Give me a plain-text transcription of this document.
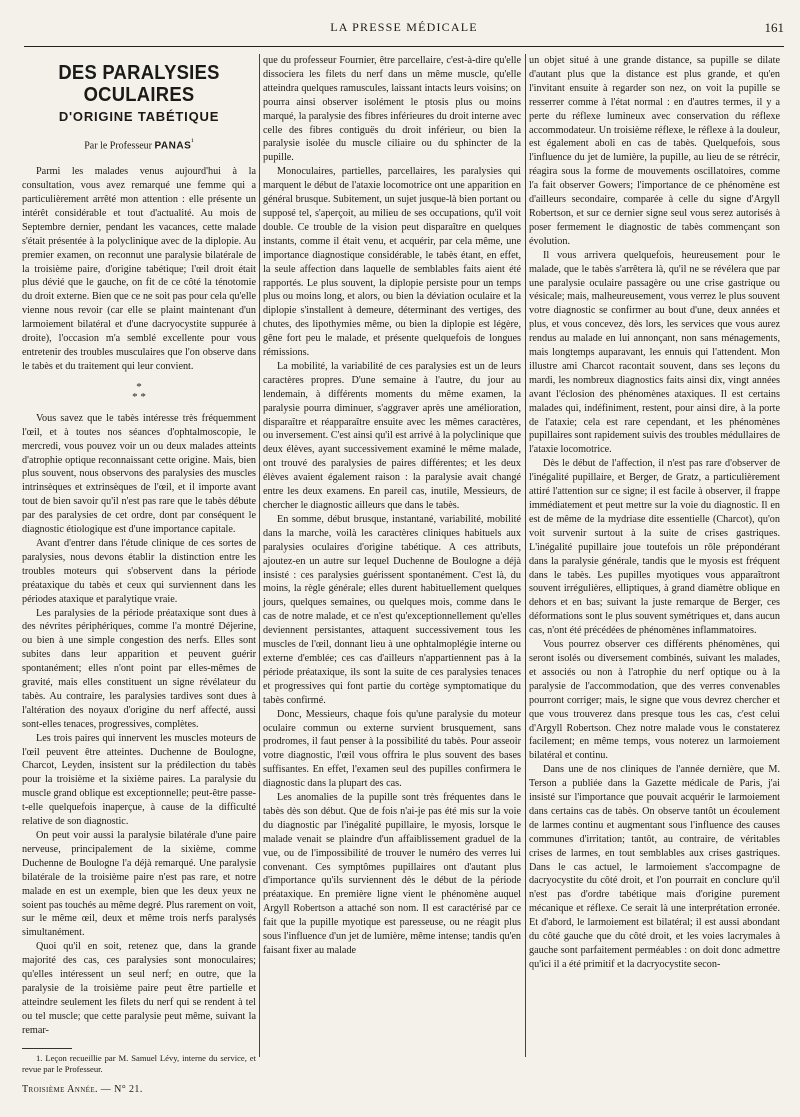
LA PRESSE MÉDICALE	161
DES PARALYSIES OCULAIRES
D'ORIGINE TABÉTIQUE
Par le Professeur $PANAS^{^1}$

Parmi les malades venus aujourd'hui à la consultation, vous avez remarqué une femme qui a particulièrement arrêté mon attention : elle présente un intérêt considérable et tout d'actualité. Au mois de Septembre dernier, pendant les vacances, cette malade s'était présentée à la polyclinique avec de la diplopie. Au premier examen, on reconnut une paralysie bilatérale de la troisième paire, d'origine tabétique; l'œil droit était plus dévié que le gauche, on fit de ce côté la ténotomie du droit externe. Bien que ce ne soit pas pour cela qu'elle vienne nous revoir (car elle se plaint maintenant d'un larmoiement bilatéral et d'une dacryocystite suppurée à droite), l'occasion m'a semblé excellente pour vous entretenir des troubles musculaires que l'on observe dans le tabès et du traitement qui leur convient.

*
* *

Vous savez que le tabès intéresse très fréquemment l'œil, et à toutes nos séances d'ophtalmoscopie, le mercredi, vous pouvez voir un ou deux malades atteints d'atrophie optique reconnaissant cette origine. Mais, bien plus souvent, nous observons des paralysies des muscles intrinsèques et extrinsèques de l'œil, et il importe avant tout de bien savoir qu'il n'est pas rare que le tabès débute par des paralysies de cet ordre, dont par conséquent le diagnostic étiologique est d'une importance capitale.

Avant d'entrer dans l'étude clinique de ces sortes de paralysies, nous devons établir la distinction entre les troubles moteurs qui s'observent dans la période préataxique du tabès et ceux qui surviennent dans les périodes ataxique et paralytique vraie.

Les paralysies de la période préataxique sont dues à des névrites périphériques, comme l'a montré Déjerine, ou bien à une simple congestion des nerfs. Elles sont subites dans leur apparition et peuvent guérir spontanément; elles n'ont point par elles-mêmes de gravité, mais elles constituent un signe révélateur du tabès. Au contraire, les paralysies tardives sont dues à l'altération des noyaux d'origine du nerf affecté, aussi sont-elles tenaces, progressives, complètes.

Les trois paires qui innervent les muscles moteurs de l'œil peuvent être atteintes. Duchenne de Boulogne, Charcot, Leyden, insistent sur la prédilection du tabès pour la troisième et la sixième paires. La paralysie du muscle grand oblique est exceptionnelle; peut-être passe-t-elle quelquefois inaperçue, à cause de la difficulté relative de son diagnostic.

On peut voir aussi la paralysie bilatérale d'une paire nerveuse, principalement de la sixième, comme Duchenne de Boulogne l'a déjà remarqué. Une paralysie bilatérale de la troisième paire n'est pas rare, et notre malade en est un exemple, bien que les deux yeux ne soient pas touchés au même degré. Plus rarement on voit, sur le même œil, deux et même trois nerfs paralysés simultanément.

Quoi qu'il en soit, retenez que, dans la grande majorité des cas, ces paralysies sont monoculaires; qu'elles intéressent un seul nerf; en outre, que la paralysie de la troisième paire peut être partielle et atteindre seulement les filets du nerf qui se rendent à tel ou tel muscle; que cette paralysie peut même, suivant la remar-

1. Leçon recueillie par M. Samuel Lévy, interne du service, et revue par le Professeur.

Troisième Année. — N° 21.

que du professeur Fournier, être parcellaire, c'est-à-dire qu'elle dissociera les filets du nerf dans un même muscle, qu'elle atteindra quelques ramuscules, laissant intacts leurs voisins; on pourra ainsi observer isolément le ptosis plus ou moins marqué, la paralysie des fibres inférieures du droit interne avec celle des fibres contiguës du droit inférieur, ou bien la paralysie isolée du muscle ciliaire ou du sphincter de la pupille.

Monoculaires, partielles, parcellaires, les paralysies qui marquent le début de l'ataxie locomotrice ont une apparition en général brusque. Subitement, un sujet jusque-là bien portant ou supposé tel, s'aperçoit, au milieu de ses occupations, qu'il voit double. Ce trouble de la vision peut disparaître en quelques instants, comme il était venu, et acquérir, par cela même, une importance diagnostique considérable, le tabès étant, en effet, la seule affection dans laquelle de semblables faits aient été rapportés. Le plus souvent, la diplopie persiste pour un temps plus ou moins long, et alors, ou bien la déviation oculaire et la diplopie s'installent à demeure, déterminant des vertiges, des chutes, des lipothymies même, ou bien la diplopie est légère, gêne fort peu le malade, et présente quelquefois de longues rémissions.

La mobilité, la variabilité de ces paralysies est un de leurs caractères propres. D'une semaine à l'autre, du jour au lendemain, à différents moments du même examen, la paralysie pourra diminuer, s'aggraver après une amélioration, disparaître et réapparaître ensuite avec les mêmes caractères, ou inversement. C'est ainsi qu'il est arrivé à la polyclinique que deux élèves, ayant successivement examiné le même malade, ont trouvé des paralysies de paires différentes; et les deux élèves avaient également raison : la paralysie avait changé entre les deux examens. En pareil cas, inutile, Messieurs, de chercher le diagnostic ailleurs que dans le tabès.

En somme, début brusque, instantané, variabilité, mobilité dans la marche, voilà les caractères cliniques habituels aux paralysies oculaires d'origine tabétique. A ces attributs, ajoutez-en un autre sur lequel Duchenne de Boulogne a déjà insisté : ces paralysies guérissent spontanément. C'est là, du moins, la règle générale; elles durent habituellement quelques jours, quelques semaines, ou quelques mois, comme dans le cas de notre malade, et ce n'est qu'exceptionnellement qu'elles deviennent persistantes, attaquent successivement tous les muscles de l'œil, donnant lieu à une ophtalmoplégie interne ou externe d'emblée; ces cas d'ailleurs n'appartiennent pas à la période préataxique, ils sont la suite de ces paralysies tenaces et progressives qui font partie du cortège symptomatique du tabès confirmé.

Donc, Messieurs, chaque fois qu'une paralysie du moteur oculaire commun ou externe survient brusquement, sans prodromes, il faut penser à la possibilité du tabès. Pour asseoir votre diagnostic, l'œil vous offrira le plus souvent des bases suffisantes. En effet, l'examen seul des pupilles confirmera le diagnostic dans la plupart des cas.

Les anomalies de la pupille sont très fréquentes dans le tabès dès son début. Que de fois n'ai-je pas été mis sur la voie du diagnostic par l'inégalité pupillaire, le myosis, lorsque le malade venait se plaindre d'un affaiblissement graduel de la vue, ou de l'impossibilité de trouver le numéro des verres lui convenant. Ces symptômes pupillaires ont d'autant plus d'importance qu'ils surviennent dès le début de la période préataxique. En première ligne vient le phénomène auquel Argyll Robertson a attaché son nom. Il est caractérisé par ce fait que la pupille myotique est paresseuse, ou ne réagit plus sous l'influence d'un jet de lumière, même intense; tandis qu'en faisant fixer au malade

un objet situé à une grande distance, sa pupille se dilate d'autant plus que la distance est plus grande, et qu'en l'invitant ensuite à regarder son nez, on voit la pupille se resserrer comme à l'état normal : en d'autres termes, il y a perte du réflexe lumineux avec conservation du réflexe accommodateur. Un troisième réflexe, le réflexe à la douleur, est également aboli en cas de tabès. Quelquefois, sous l'influence du jet de lumière, la pupille, au lieu de se rétrécir, réagira sous la forme de mouvements oscillatoires, comme l'a fait observer Gowers; l'importance de ce phénomène est d'ailleurs secondaire, comparée à celle du signe d'Argyll Robertson, et sur ce dernier signe seul vous serez autorisés à poser fermement le diagnostic de tabès commençant son évolution.

Il vous arrivera quelquefois, heureusement pour le malade, que le tabès s'arrêtera là, qu'il ne se révélera que par une paralysie oculaire passagère ou une crise gastrique ou vésicale; mais, malheureusement, vous verrez le plus souvent votre diagnostic se confirmer au bout d'une, deux années et plus, et vous concevez, dès lors, les services que vous aurez rendus au malade en lui annonçant, non sans ménagements, mais longtemps auparavant, les ennuis qui l'attendent. Mon illustre ami Charcot racontait souvent, dans ses leçons du mardi, les nombreux diagnostics faits ainsi dix, vingt années avant l'éclosion des phénomènes ataxiques. Il est certains malades qui, indéfiniment, restent, pour ainsi dire, à la porte de l'ataxie; cela est rare cependant, et les phénomènes pupillaires sont rapidement suivis des troubles médullaires de l'ataxie locomotrice.

Dès le début de l'affection, il n'est pas rare d'observer de l'inégalité pupillaire, et Berger, de Gratz, a particulièrement attiré l'attention sur ce signe; il est facile à observer, il frappe immédiatement et peut mettre sur la voie du diagnostic. Il en est de même de la mydriase dite essentielle (Charcot), qu'on voit survenir surtout à la suite de crises gastriques. L'inégalité pupillaire joue toutefois un rôle prépondérant dans la paralysie générale, tandis que le myosis est fréquent dans le tabès. Les pupilles myotiques vous apparaîtront souvent irrégulières, elliptiques, à grand diamètre oblique en dehors et en bas; suivant la juste remarque de Berger, ces déformations sont le plus souvent symétriques et, dans aucun cas, n'ont été précédées de phénomènes inflammatoires.

Vous pourrez observer ces différents phénomènes, qui seront isolés ou diversement combinés, suivant les malades, et associés ou non à l'atrophie du nerf optique ou à la paralysie de l'accommodation, que des verres convenables pourront corriger; mais, le signe que vous devrez chercher et que vous trouverez dans presque tous les cas, c'est celui d'Argyll Robertson. Chez notre malade vous le constaterez facilement; en même temps, vous noterez un larmoiement bilatéral et continu.

Dans une de nos cliniques de l'année dernière, que M. Terson a publiée dans la Gazette médicale de Paris, j'ai insisté sur l'importance que pouvait acquérir le larmoiement dans certains cas de tabès. On observe tantôt un écoulement de larmes continu et augmentant sous l'influence des causes communes d'irritation; tantôt, au contraire, de véritables crises de larmes, en tout semblables aux crises gastriques. Dans le cas actuel, le larmoiement s'accompagne de dacryocystite du côté droit, et l'on pourrait en conclure qu'il n'est pas d'ordre tabétique mais d'origine purement mécanique et réflexe. Ce serait là une interprétation erronée. Et d'abord, le larmoiement est bilatéral; il est aussi abondant du côté gauche que du côté droit, et les voies lacrymales à gauche sont parfaitement perméables : on doit donc admettre qu'ici il a été primitif et la dacryocystite secon-
